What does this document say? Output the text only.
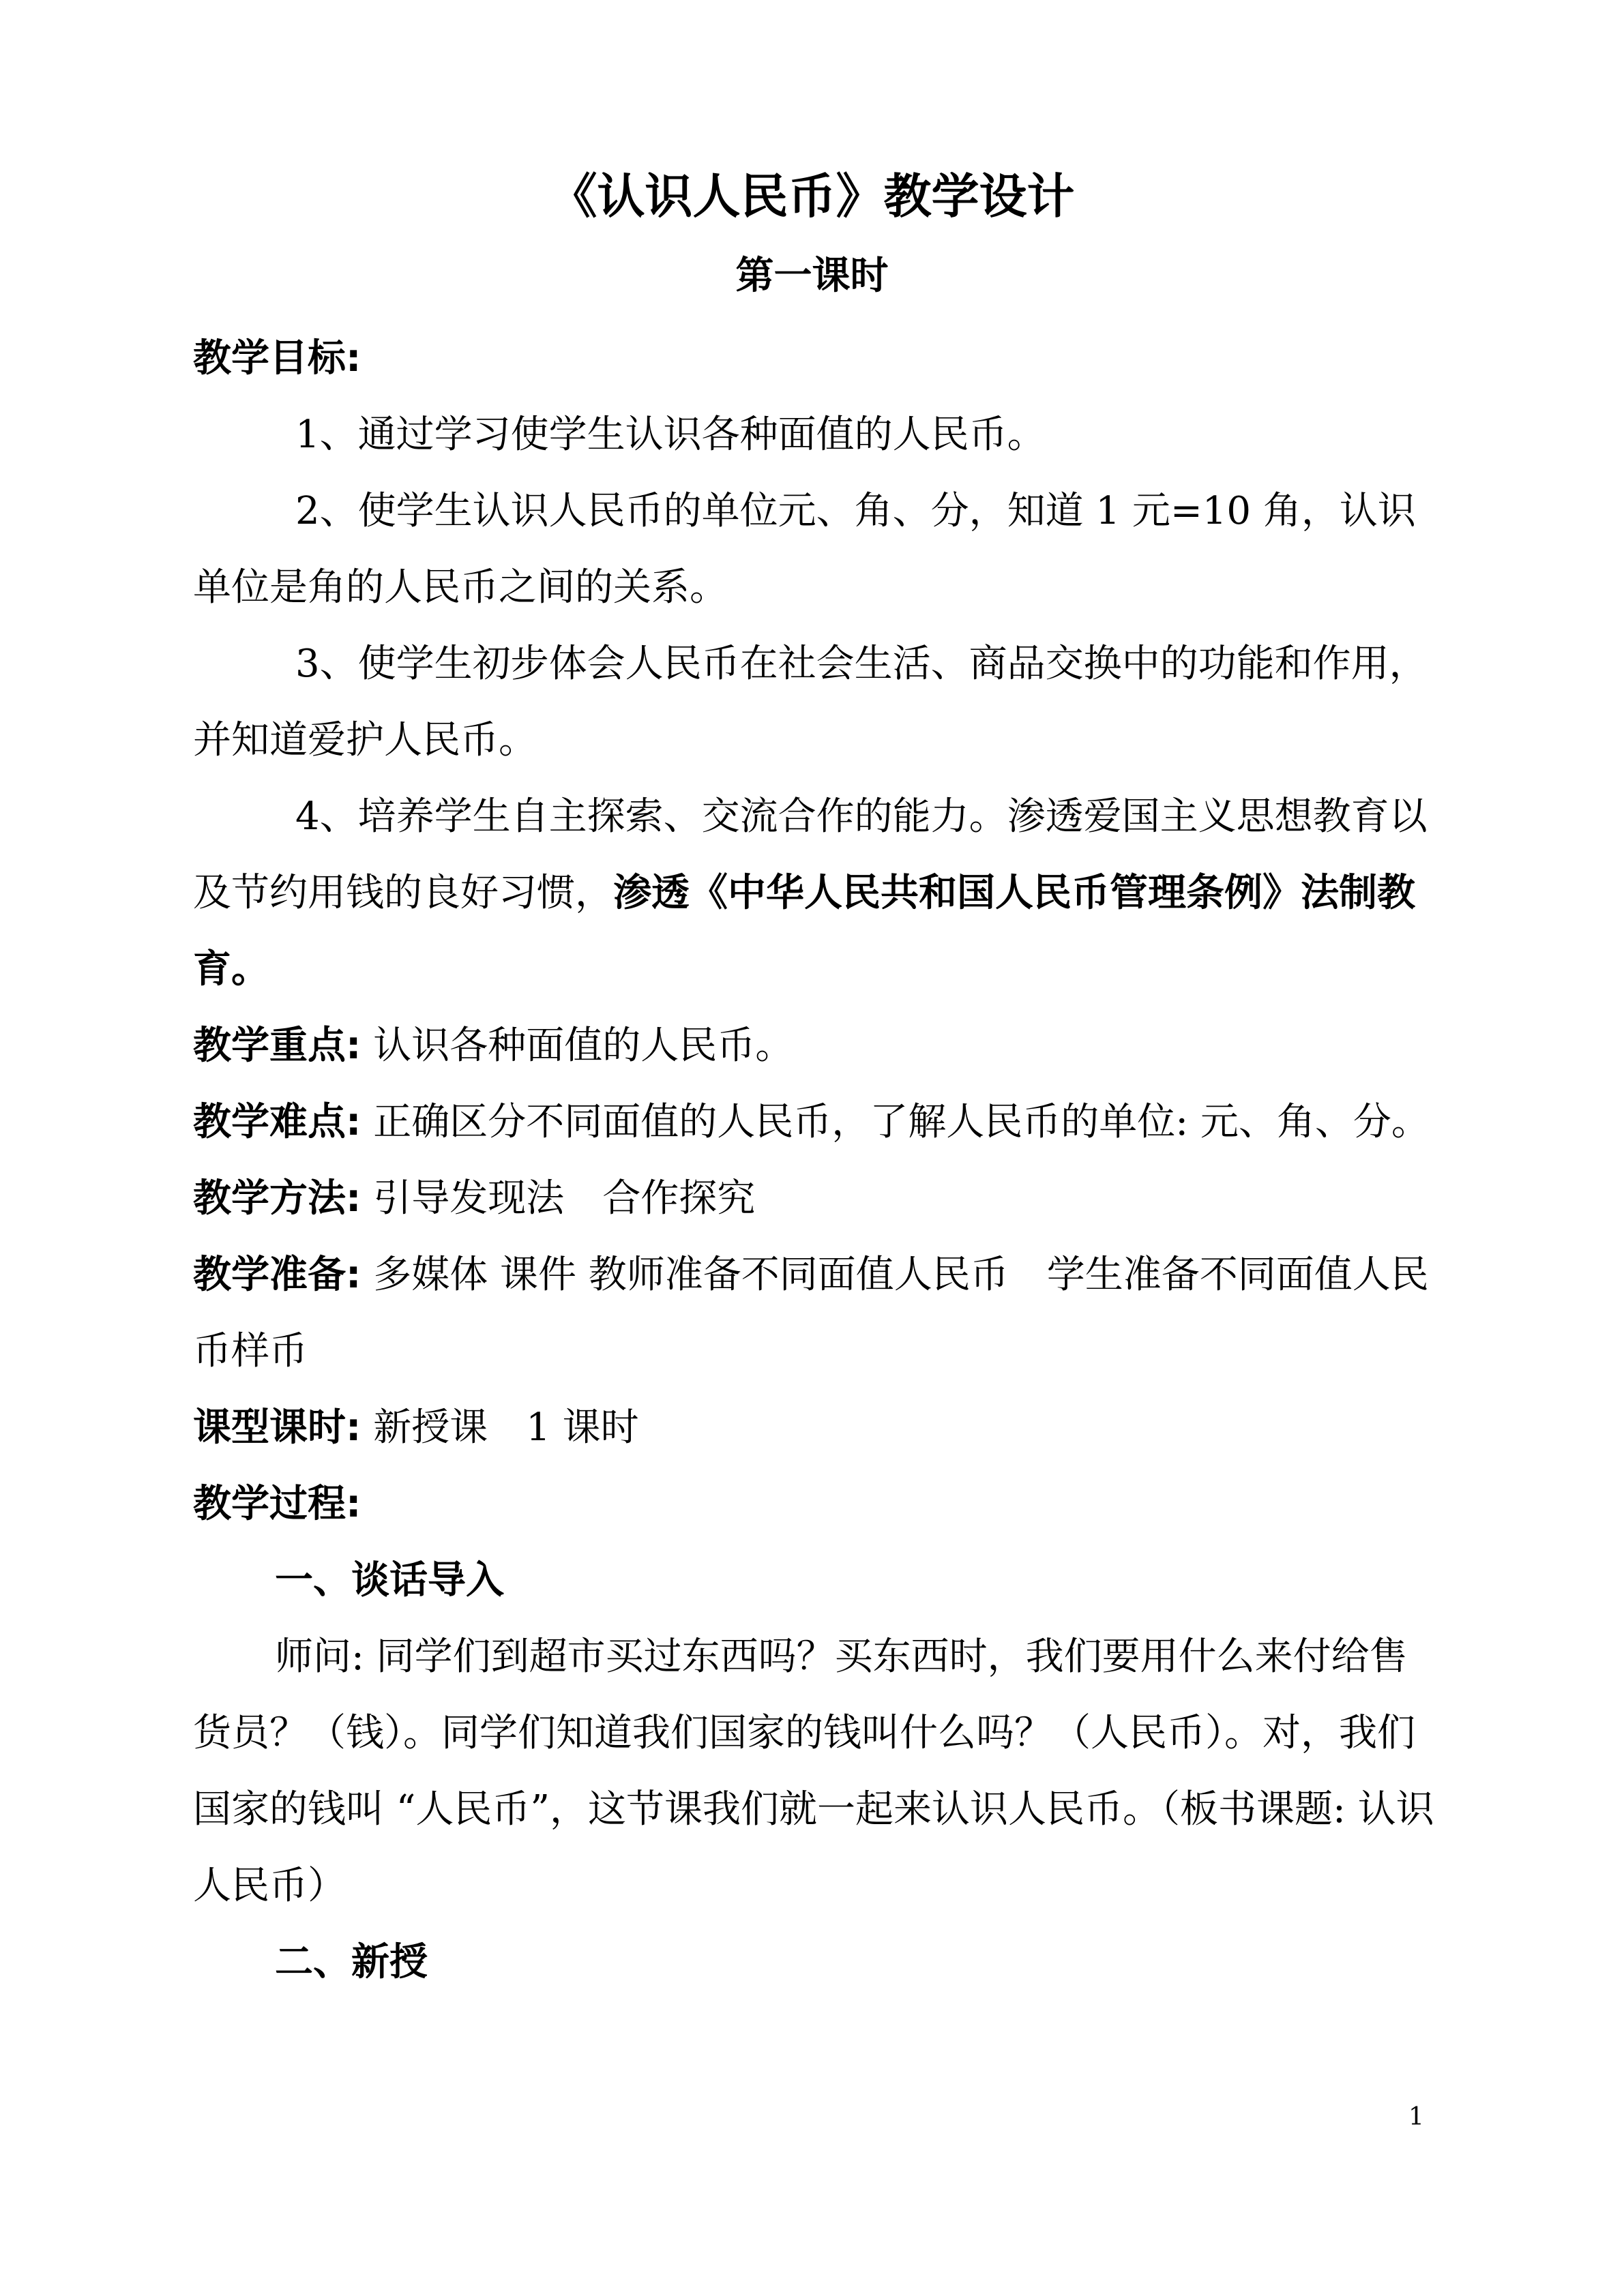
《认识人民币》教学设计
第一课时

教学目标:

1、通过学习使学生认识各种面值的人民币。

2、使学生认识人民币的单位元、角、分，知道 1 元=10 角，认识单位是角的人民币之间的关系。

3、使学生初步体会人民币在社会生活、商品交换中的功能和作用，并知道爱护人民币。

4、培养学生自主探索、交流合作的能力。渗透爱国主义思想教育以及节约用钱的良好习惯，渗透《中华人民共和国人民币管理条例》法制教育。

教学重点: 认识各种面值的人民币。

教学难点: 正确区分不同面值的人民币，了解人民币的单位: 元、角、分。

教学方法: 引导发现法　合作探究

教学准备: 多媒体 课件 教师准备不同面值人民币　学生准备不同面值人民币样币

课型课时: 新授课　1 课时

教学过程:

一、谈话导入

师问: 同学们到超市买过东西吗？买东西时，我们要用什么来付给售货员？（钱）。同学们知道我们国家的钱叫什么吗？（人民币）。对，我们国家的钱叫 “人民币”，这节课我们就一起来认识人民币。（板书课题: 认识人民币）

二、新授

1
